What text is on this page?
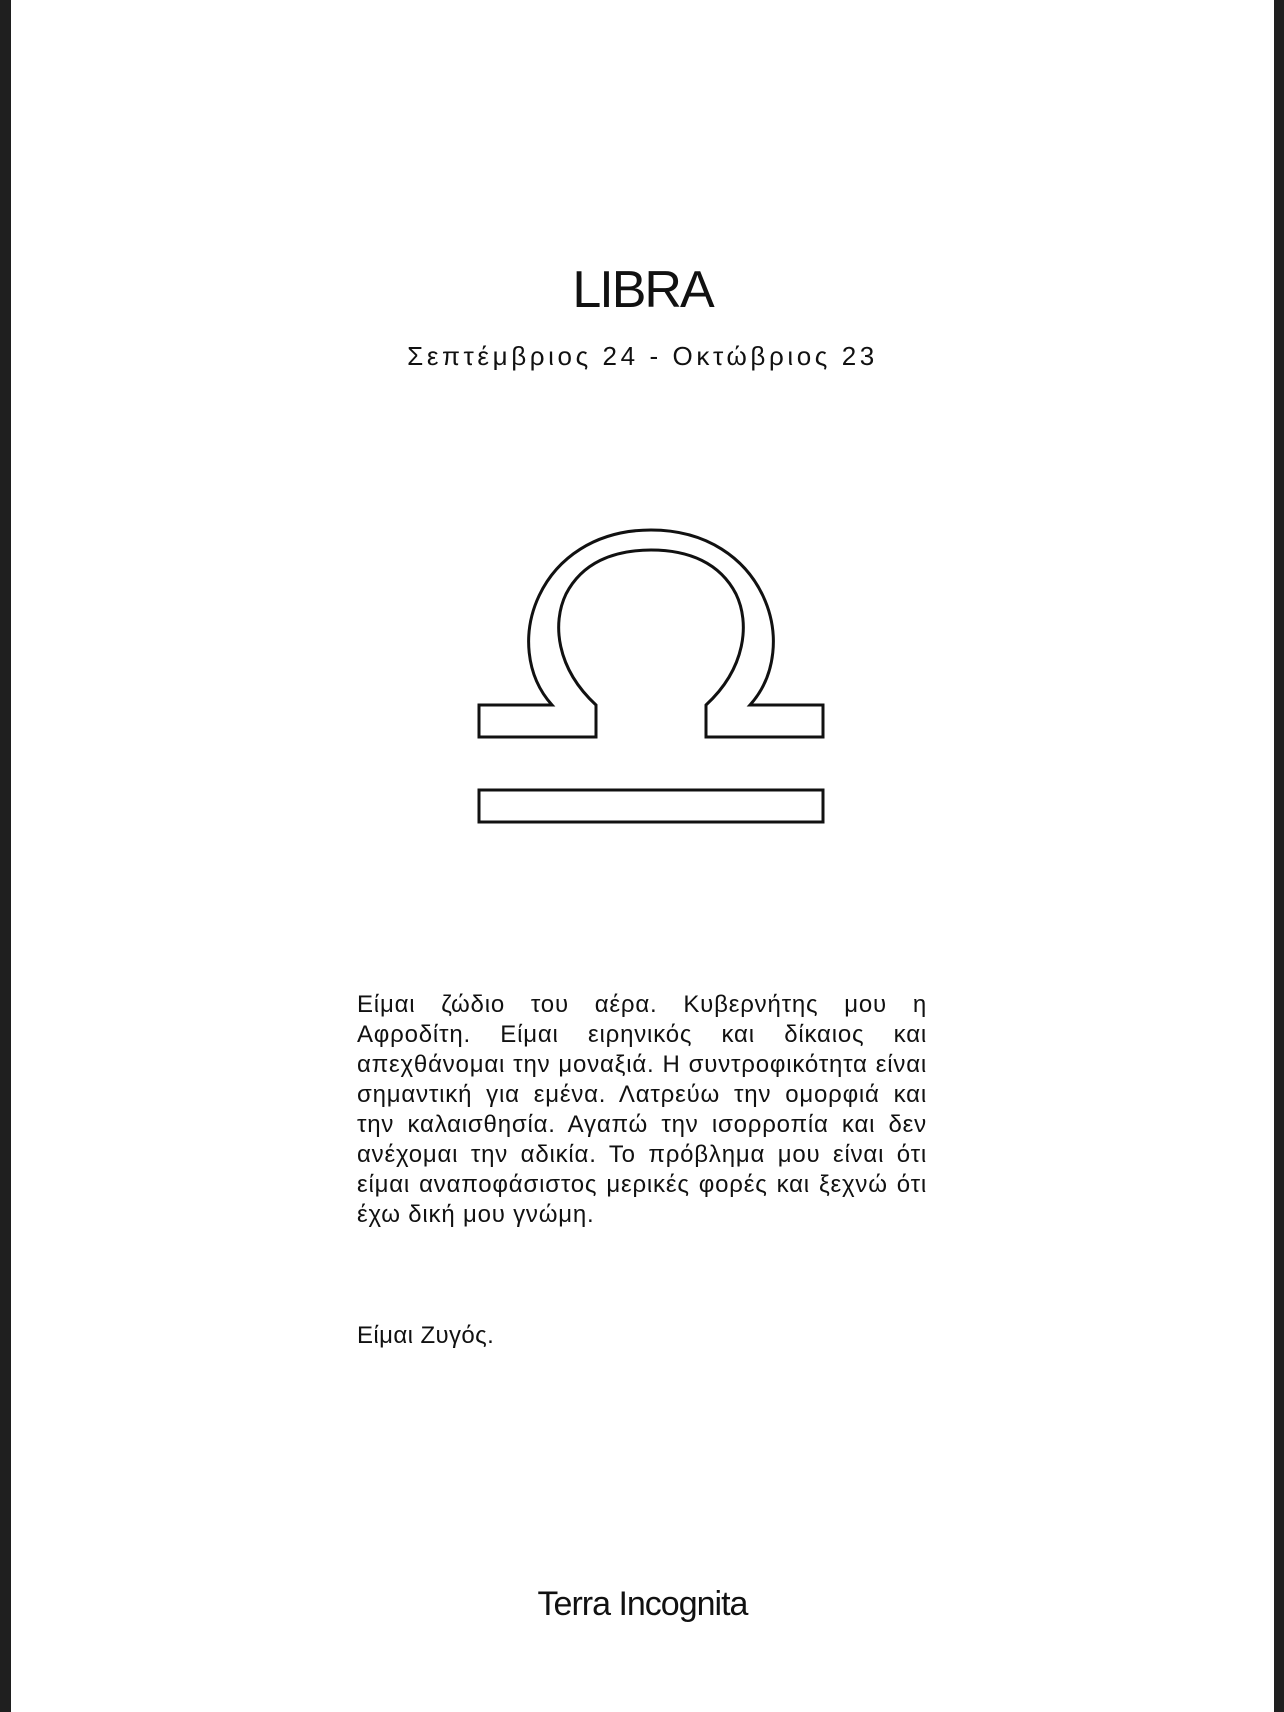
LIBRA
Σεπτέμβριος 24 - Οκτώβριος 23

Είμαι ζώδιο του αέρα. Κυβερνήτης μου η Αφροδίτη. Είμαι ειρηνικός και δίκαιος και απεχθάνομαι την μοναξιά. Η συντροφικότητα είναι σημαντική για εμένα. Λατρεύω την ομορφιά και την καλαισθησία. Αγαπώ την ισορροπία και δεν ανέχομαι την αδικία. Το πρόβλημα μου είναι ότι είμαι αναποφάσιστος μερικές φορές και ξεχνώ ότι έχω δική μου γνώμη.

Είμαι Ζυγός.
Terra Incognita
